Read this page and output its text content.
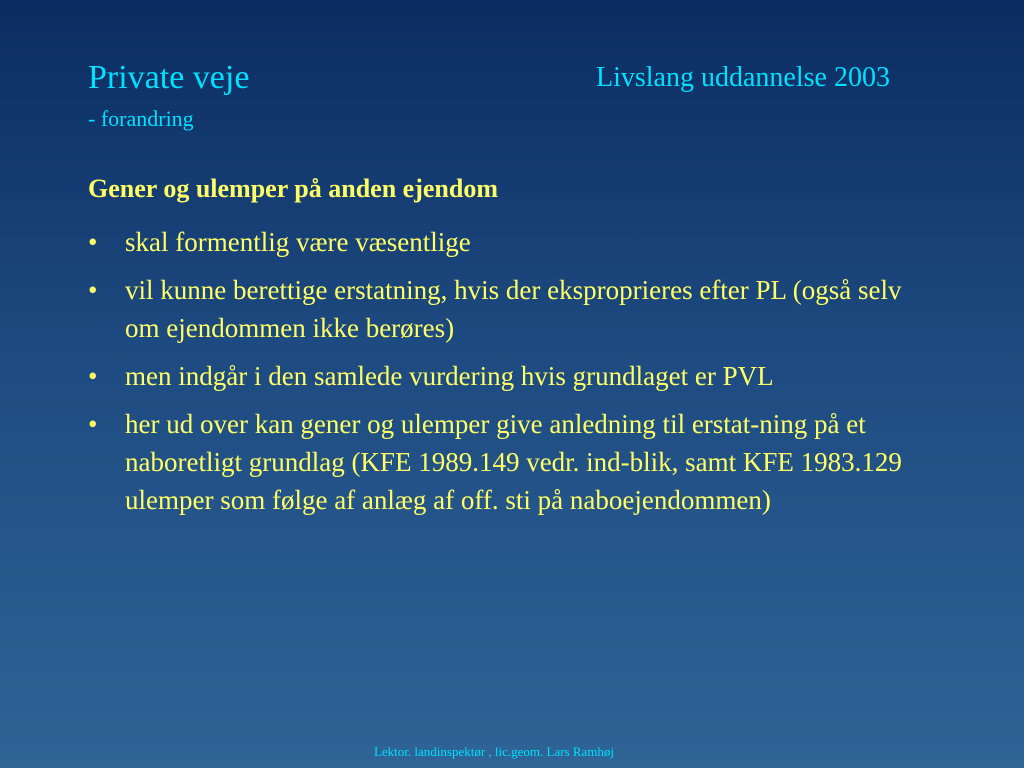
Private veje

- forandring

Livslang uddannelse 2003

Gener og ulemper på anden ejendom
• skal formentlig være væsentlige
• vil kunne berettige erstatning, hvis der eksproprieres efter PL (også selv om ejendommen ikke berøres)
• men indgår i den samlede vurdering hvis grundlaget er PVL
• her ud over kan gener og ulemper give anledning til erstat-ning på et naboretligt grundlag (KFE 1989.149 vedr. ind-blik, samt KFE 1983.129 ulemper som følge af anlæg af off. sti på naboejendommen)

Lektor. landinspektør , lic.geom. Lars Ramhøj
